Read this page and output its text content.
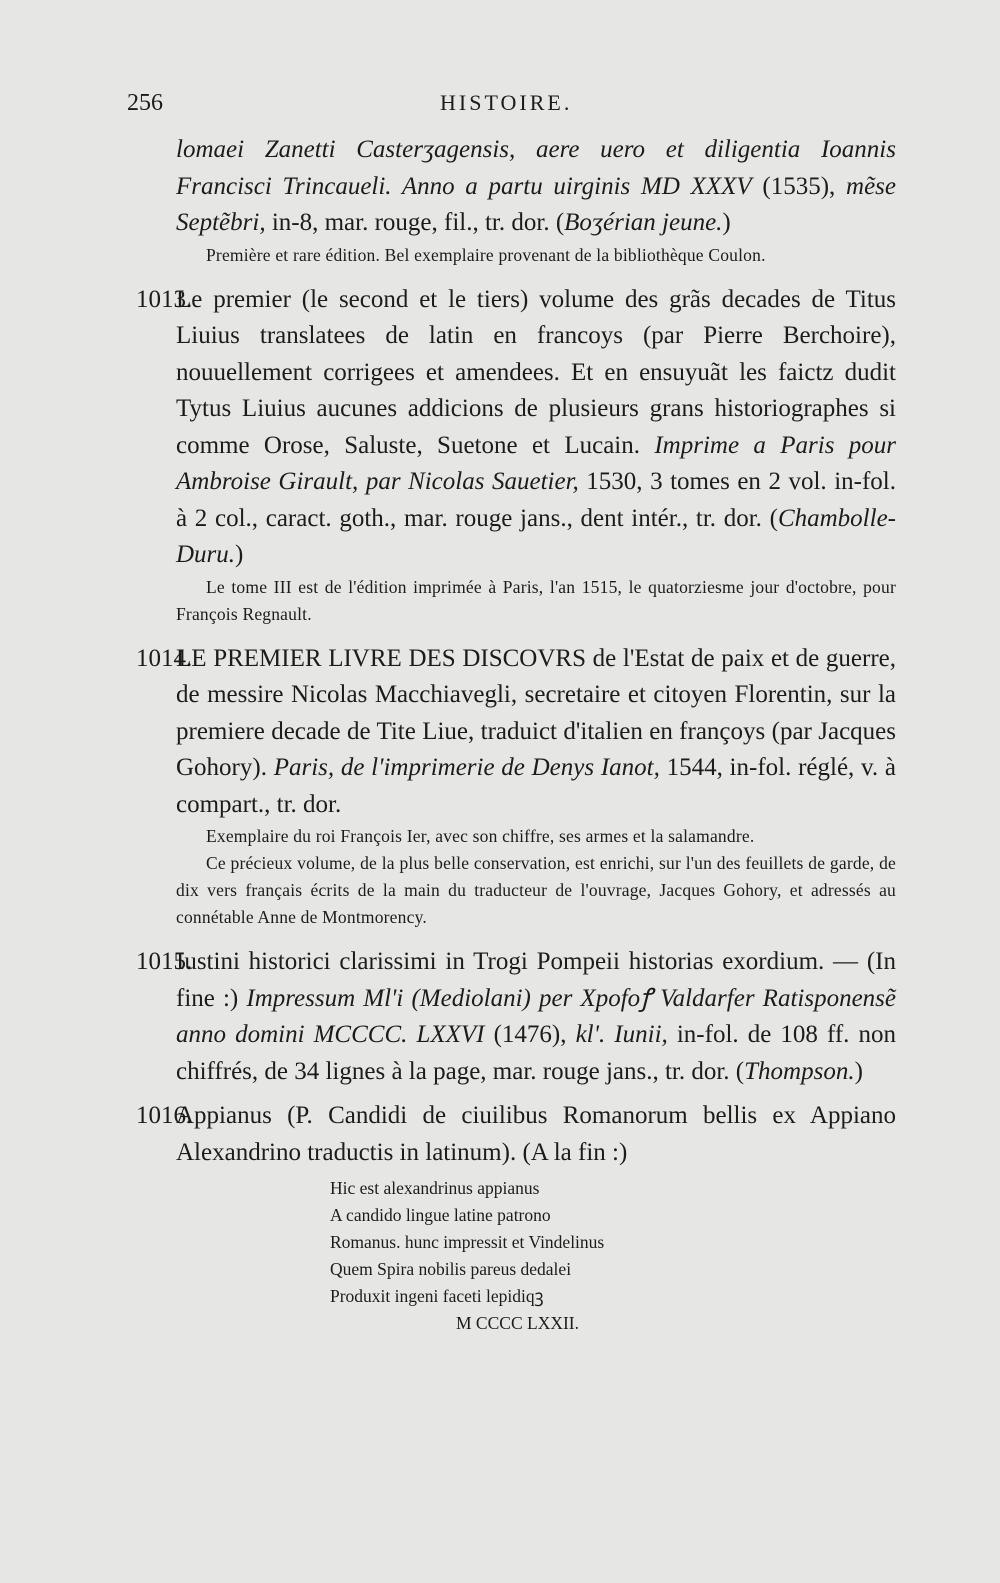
256	HISTOIRE.

lomaei Zanetti Casterʒagensis, aere uero et diligentia Ioannis Francisci Trincaueli. Anno a partu uirginis MD XXXV (1535), mẽse Septẽbri, in-8, mar. rouge, fil., tr. dor. (Boʒérian jeune.)

Première et rare édition. Bel exemplaire provenant de la bibliothèque Coulon.

1013.

Le premier (le second et le tiers) volume des grãs decades de Titus Liuius translatees de latin en francoys (par Pierre Berchoire), nouuellement corrigees et amendees. Et en ensuyuãt les faictz dudit Tytus Liuius aucunes addicions de plusieurs grans historiographes si comme Orose, Saluste, Suetone et Lucain. Imprime a Paris pour Ambroise Girault, par Nicolas Sauetier, 1530, 3 tomes en 2 vol. in-fol. à 2 col., caract. goth., mar. rouge jans., dent intér., tr. dor. (Chambolle-Duru.)

Le tome III est de l'édition imprimée à Paris, l'an 1515, le quatorziesme jour d'octobre, pour François Regnault.

1014.

LE PREMIER LIVRE DES DISCOVRS de l'Estat de paix et de guerre, de messire Nicolas Macchiavegli, secretaire et citoyen Florentin, sur la premiere decade de Tite Liue, traduict d'italien en françoys (par Jacques Gohory). Paris, de l'imprimerie de Denys Ianot, 1544, in-fol. réglé, v. à compart., tr. dor.

Exemplaire du roi François Ier, avec son chiffre, ses armes et la salamandre.

Ce précieux volume, de la plus belle conservation, est enrichi, sur l'un des feuillets de garde, de dix vers français écrits de la main du traducteur de l'ouvrage, Jacques Gohory, et adressés au connétable Anne de Montmorency.

1015.

Iustini historici clarissimi in Trogi Pompeii historias exordium. — (In fine :) Impressum Ml'i (Mediolani) per Xpofoꝭ Valdarfer Ratisponensẽ anno domini MCCCC. LXXVI (1476), kl'. Iunii, in-fol. de 108 ff. non chiffrés, de 34 lignes à la page, mar. rouge jans., tr. dor. (Thompson.)

1016.

Appianus (P. Candidi de ciuilibus Romanorum bellis ex Appiano Alexandrino traductis in latinum). (A la fin :)

Hic est alexandrinus appianus
A candido lingue latine patrono
Romanus. hunc impressit et Vindelinus
Quem Spira nobilis pareus dedalei
Produxit ingeni faceti lepidiqꝫ
M CCCC LXXII.
